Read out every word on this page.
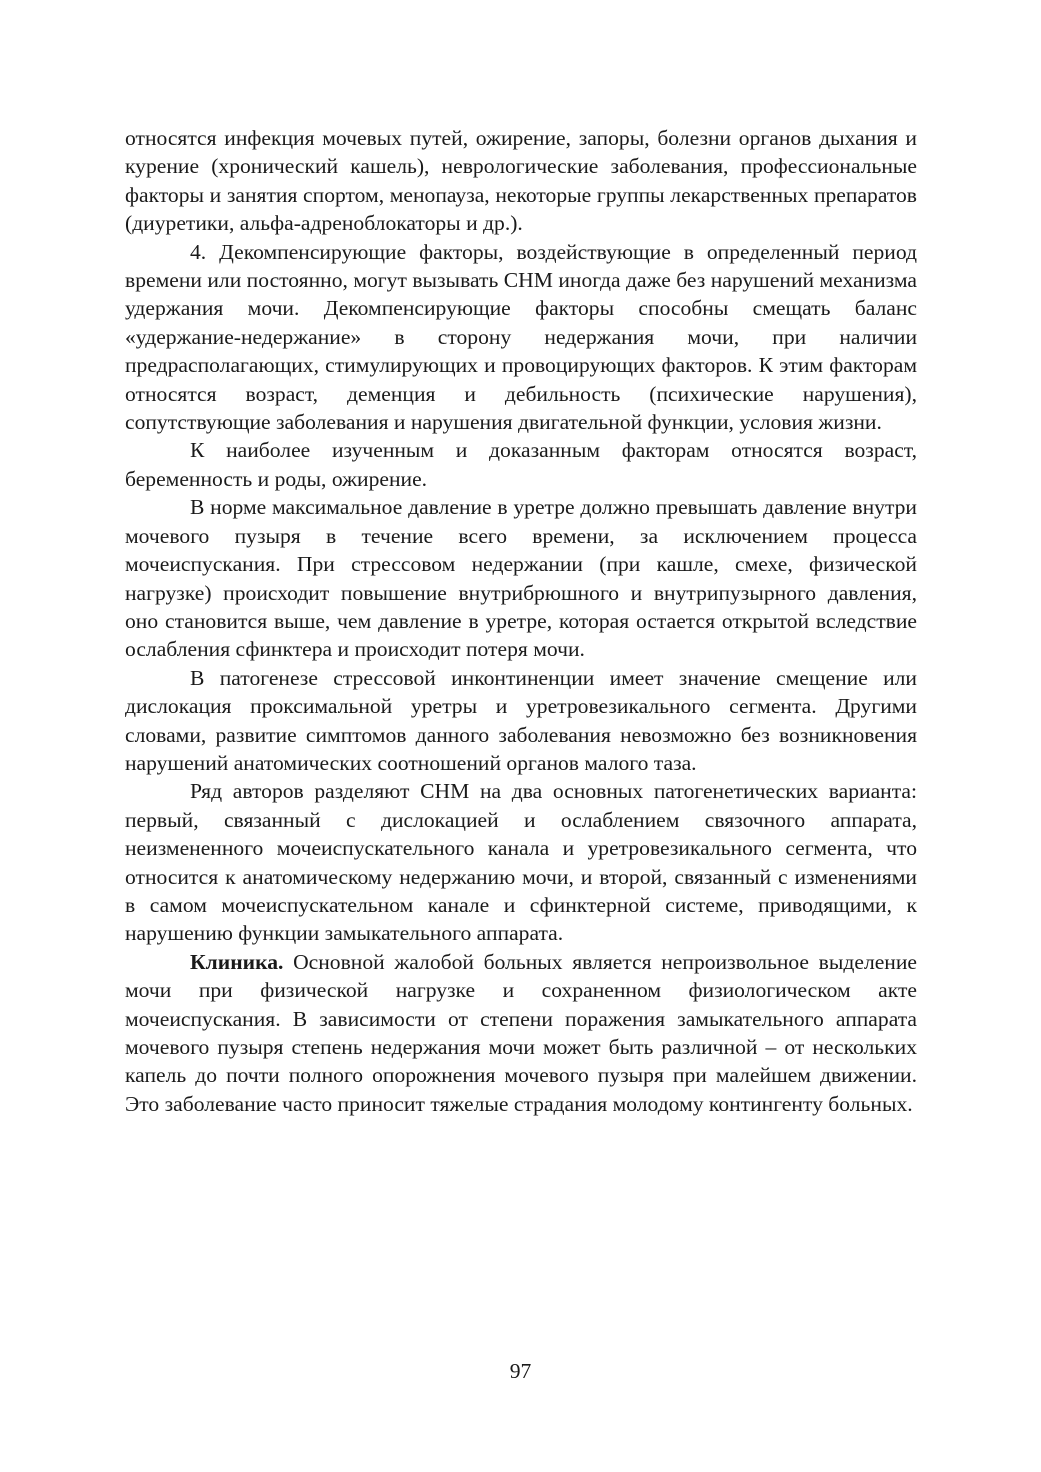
относятся инфекция мочевых путей, ожирение, запоры, болезни органов дыхания и курение (хронический кашель), неврологические заболевания, профессиональные факторы и занятия спортом, менопауза, некоторые группы лекарственных препаратов (диуретики, альфа-адреноблокаторы и др.).

4. Декомпенсирующие факторы, воздействующие в определенный период времени или постоянно, могут вызывать СНМ иногда даже без нарушений механизма удержания мочи. Декомпенсирующие факторы способны смещать баланс «удержание-недержание» в сторону недержания мочи, при наличии предрасполагающих, стимулирующих и провоцирующих факторов. К этим факторам относятся возраст, деменция и дебильность (психические нарушения), сопутствующие заболевания и нарушения двигательной функции, условия жизни.

К наиболее изученным и доказанным факторам относятся возраст, беременность и роды, ожирение.

В норме максимальное давление в уретре должно превышать давление внутри мочевого пузыря в течение всего времени, за исключением процесса мочеиспускания. При стрессовом недержании (при кашле, смехе, физической нагрузке) происходит повышение внутрибрюшного и внутрипузырного давления, оно становится выше, чем давление в уретре, которая остается открытой вследствие ослабления сфинктера и происходит потеря мочи.

В патогенезе стрессовой инконтиненции имеет значение смещение или дислокация проксимальной уретры и уретровезикального сегмента. Другими словами, развитие симптомов данного заболевания невозможно без возникновения нарушений анатомических соотношений органов малого таза.

Ряд авторов разделяют СНМ на два основных патогенетических варианта: первый, связанный с дислокацией и ослаблением связочного аппарата, неизмененного мочеиспускательного канала и уретровезикального сегмента, что относится к анатомическому недержанию мочи, и второй, связанный с изменениями в самом мочеиспускательном канале и сфинктерной системе, приводящими, к нарушению функции замыкательного аппарата.

Клиника. Основной жалобой больных является непроизвольное выделение мочи при физической нагрузке и сохраненном физиологическом акте мочеиспускания. В зависимости от степени поражения замыкательного аппарата мочевого пузыря степень недержания мочи может быть различной – от нескольких капель до почти полного опорожнения мочевого пузыря при малейшем движении. Это заболевание часто приносит тяжелые страдания молодому контингенту больных.

97
